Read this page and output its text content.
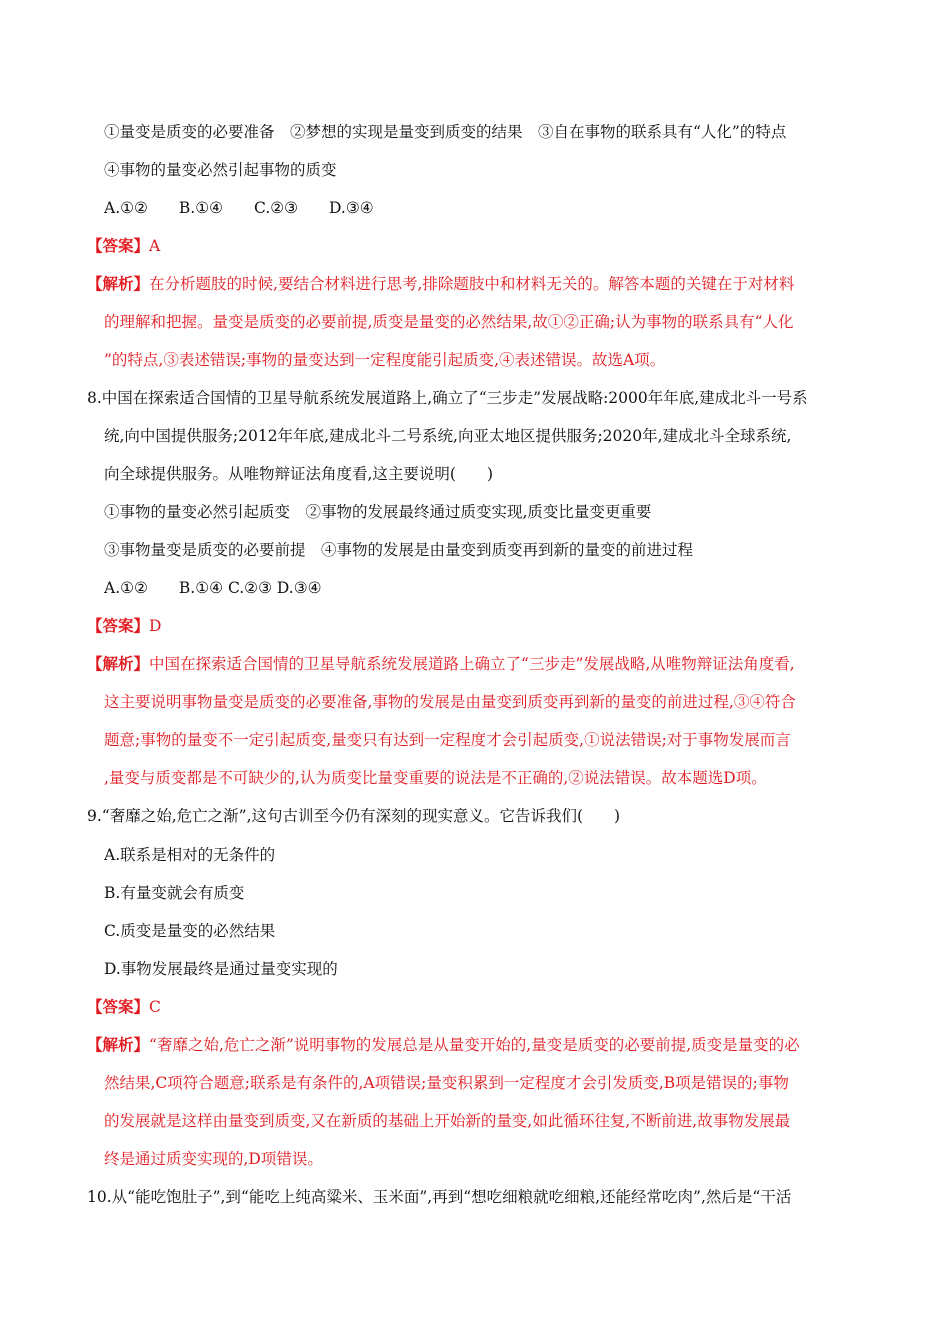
①量变是质变的必要准备　②梦想的实现是量变到质变的结果　③自在事物的联系具有“人化”的特点
④事物的量变必然引起事物的质变
A.①②　　B.①④　　C.②③　　D.③④
【答案】A
【解析】在分析题肢的时候,要结合材料进行思考,排除题肢中和材料无关的。解答本题的关键在于对材料
的理解和把握。量变是质变的必要前提,质变是量变的必然结果,故①②正确;认为事物的联系具有“人化
”的特点,③表述错误;事物的量变达到一定程度能引起质变,④表述错误。故选A项。
8.中国在探索适合国情的卫星导航系统发展道路上,确立了“三步走”发展战略:2000年年底,建成北斗一号系
统,向中国提供服务;2012年年底,建成北斗二号系统,向亚太地区提供服务;2020年,建成北斗全球系统,
向全球提供服务。从唯物辩证法角度看,这主要说明(　　)
①事物的量变必然引起质变　②事物的发展最终通过质变实现,质变比量变更重要
③事物量变是质变的必要前提　④事物的发展是由量变到质变再到新的量变的前进过程
A.①②　　B.①④ C.②③ D.③④
【答案】D
【解析】中国在探索适合国情的卫星导航系统发展道路上确立了“三步走”发展战略,从唯物辩证法角度看,
这主要说明事物量变是质变的必要准备,事物的发展是由量变到质变再到新的量变的前进过程,③④符合
题意;事物的量变不一定引起质变,量变只有达到一定程度才会引起质变,①说法错误;对于事物发展而言
,量变与质变都是不可缺少的,认为质变比量变重要的说法是不正确的,②说法错误。故本题选D项。
9.“奢靡之始,危亡之渐”,这句古训至今仍有深刻的现实意义。它告诉我们(　　)
A.联系是相对的无条件的
B.有量变就会有质变
C.质变是量变的必然结果
D.事物发展最终是通过量变实现的
【答案】C
【解析】“奢靡之始,危亡之渐”说明事物的发展总是从量变开始的,量变是质变的必要前提,质变是量变的必
然结果,C项符合题意;联系是有条件的,A项错误;量变积累到一定程度才会引发质变,B项是错误的;事物
的发展就是这样由量变到质变,又在新质的基础上开始新的量变,如此循环往复,不断前进,故事物发展最
终是通过质变实现的,D项错误。
10.从“能吃饱肚子”,到“能吃上纯高粱米、玉米面”,再到“想吃细粮就吃细粮,还能经常吃肉”,然后是“干活
